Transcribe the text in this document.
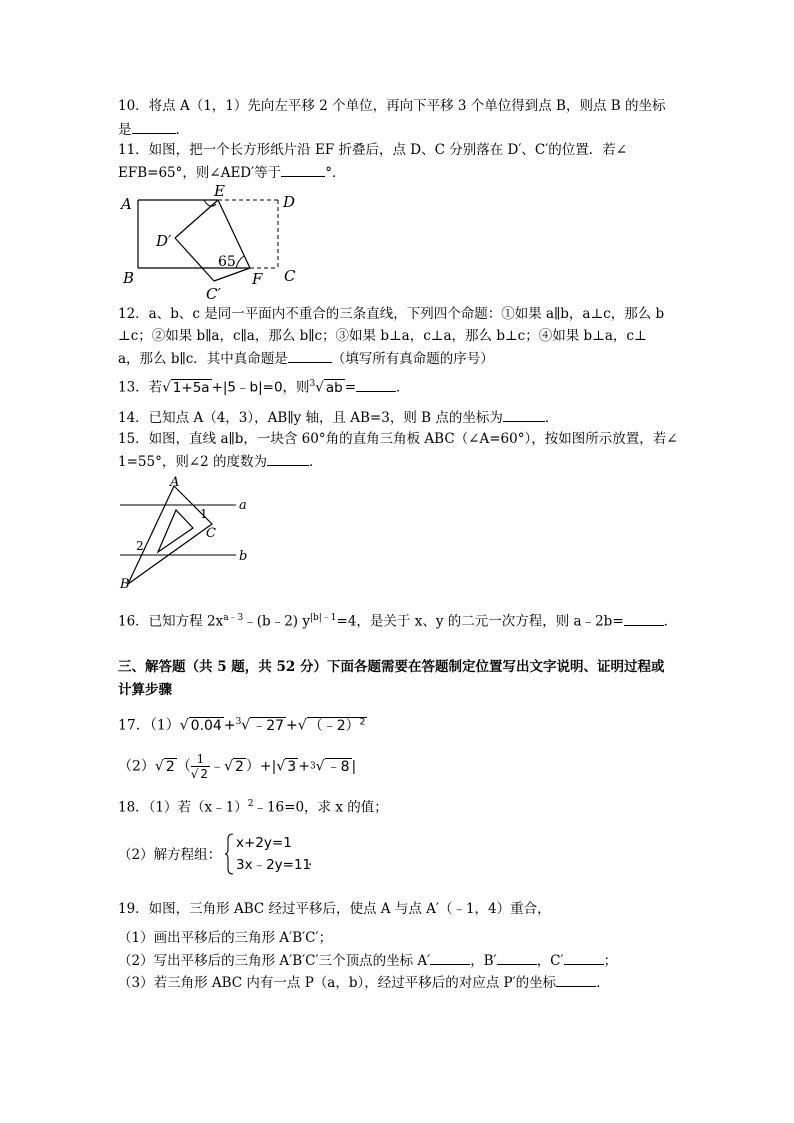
10．将点 A（1，1）先向左平移 2 个单位，再向下平移 3 个单位得到点 B，则点 B 的坐标
是	．
11．如图，把一个长方形纸片沿 EF 折叠后，点 D、C 分别落在 D′、C′的位置．若∠
EFB=65°，则∠AED′等于	°．
A
E
D
D′
65
B	F C
C′
12．a、b、c 是同一平面内不重合的三条直线，下列四个命题：①如果 a∥b，a⊥c，那么 b
⊥c；②如果 b∥a，c∥a，那么 b∥c；③如果 b⊥a，c⊥a，那么 b⊥c；④如果 b⊥a，c⊥
a，那么 b∥c．其中真命题是	（填写所有真命题的序号）
13．若√ 1+5a +|5﹣b|=0，则$^3$√ ab =	．
14．已知点 A（4，3），AB∥y 轴，且 AB=3，则 B 点的坐标为	．
15．如图，直线 a∥b，一块含 60°角的直角三角板 ABC（∠A=60°），按如图所示放置，若∠
1=55°，则∠2 的度数为	．
A
B
C
a
b
1
2
16．已知方程 $2x^{a﹣3}﹣(b﹣2)$ $y^{|b|﹣1}=4$，是关于 x、y 的二元一次方程，则 a﹣2b=	．
三、解答题（共 5 题，共 52 分）下面各题需要在答题制定位置写出文字说明、证明过程或
计算步骤
17．（1）√ 0.04 +$^3$√ ﹣27 +√ （﹣2）$^2$
（2）√ 2 （ $\frac{1}{√ 2}$ ﹣√ 2 ）+|√ 3 +3√ ﹣8 |
18．（1）若（x﹣1）$^2$﹣16=0，求 x 的值；
（2）解方程组：
x+2y=1
3x﹣2y=11
．
19．如图，三角形 ABC 经过平移后，使点 A 与点 A′（﹣1，4）重合，
（1）画出平移后的三角形 A′B′C′；
（2）写出平移后的三角形 A′B′C′三个顶点的坐标 A′	，B′	，C′	；
（3）若三角形 ABC 内有一点 P（a，b），经过平移后的对应点 P′的坐标	．
